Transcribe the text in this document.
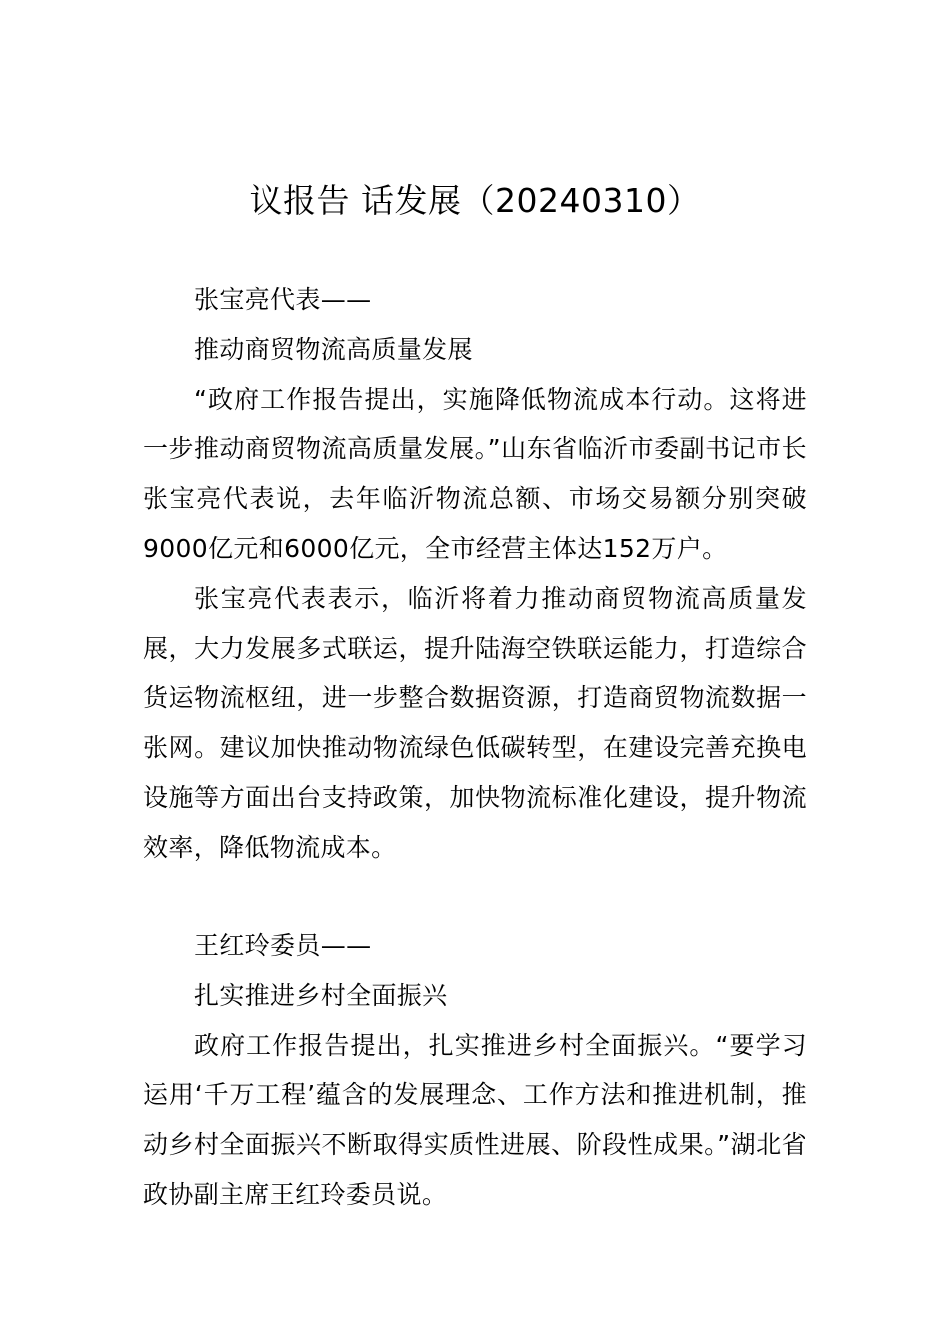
议报告 话发展（20240310）

张宝亮代表——

推动商贸物流高质量发展

“政府工作报告提出，实施降低物流成本行动。这将进一步推动商贸物流高质量发展。”山东省临沂市委副书记市长张宝亮代表说，去年临沂物流总额、市场交易额分别突破9000亿元和6000亿元，全市经营主体达152万户。

张宝亮代表表示，临沂将着力推动商贸物流高质量发展，大力发展多式联运，提升陆海空铁联运能力，打造综合货运物流枢纽，进一步整合数据资源，打造商贸物流数据一张网。建议加快推动物流绿色低碳转型，在建设完善充换电设施等方面出台支持政策，加快物流标准化建设，提升物流效率，降低物流成本。

王红玲委员——

扎实推进乡村全面振兴

政府工作报告提出，扎实推进乡村全面振兴。“要学习运用‘千万工程’蕴含的发展理念、工作方法和推进机制，推动乡村全面振兴不断取得实质性进展、阶段性成果。”湖北省政协副主席王红玲委员说。
